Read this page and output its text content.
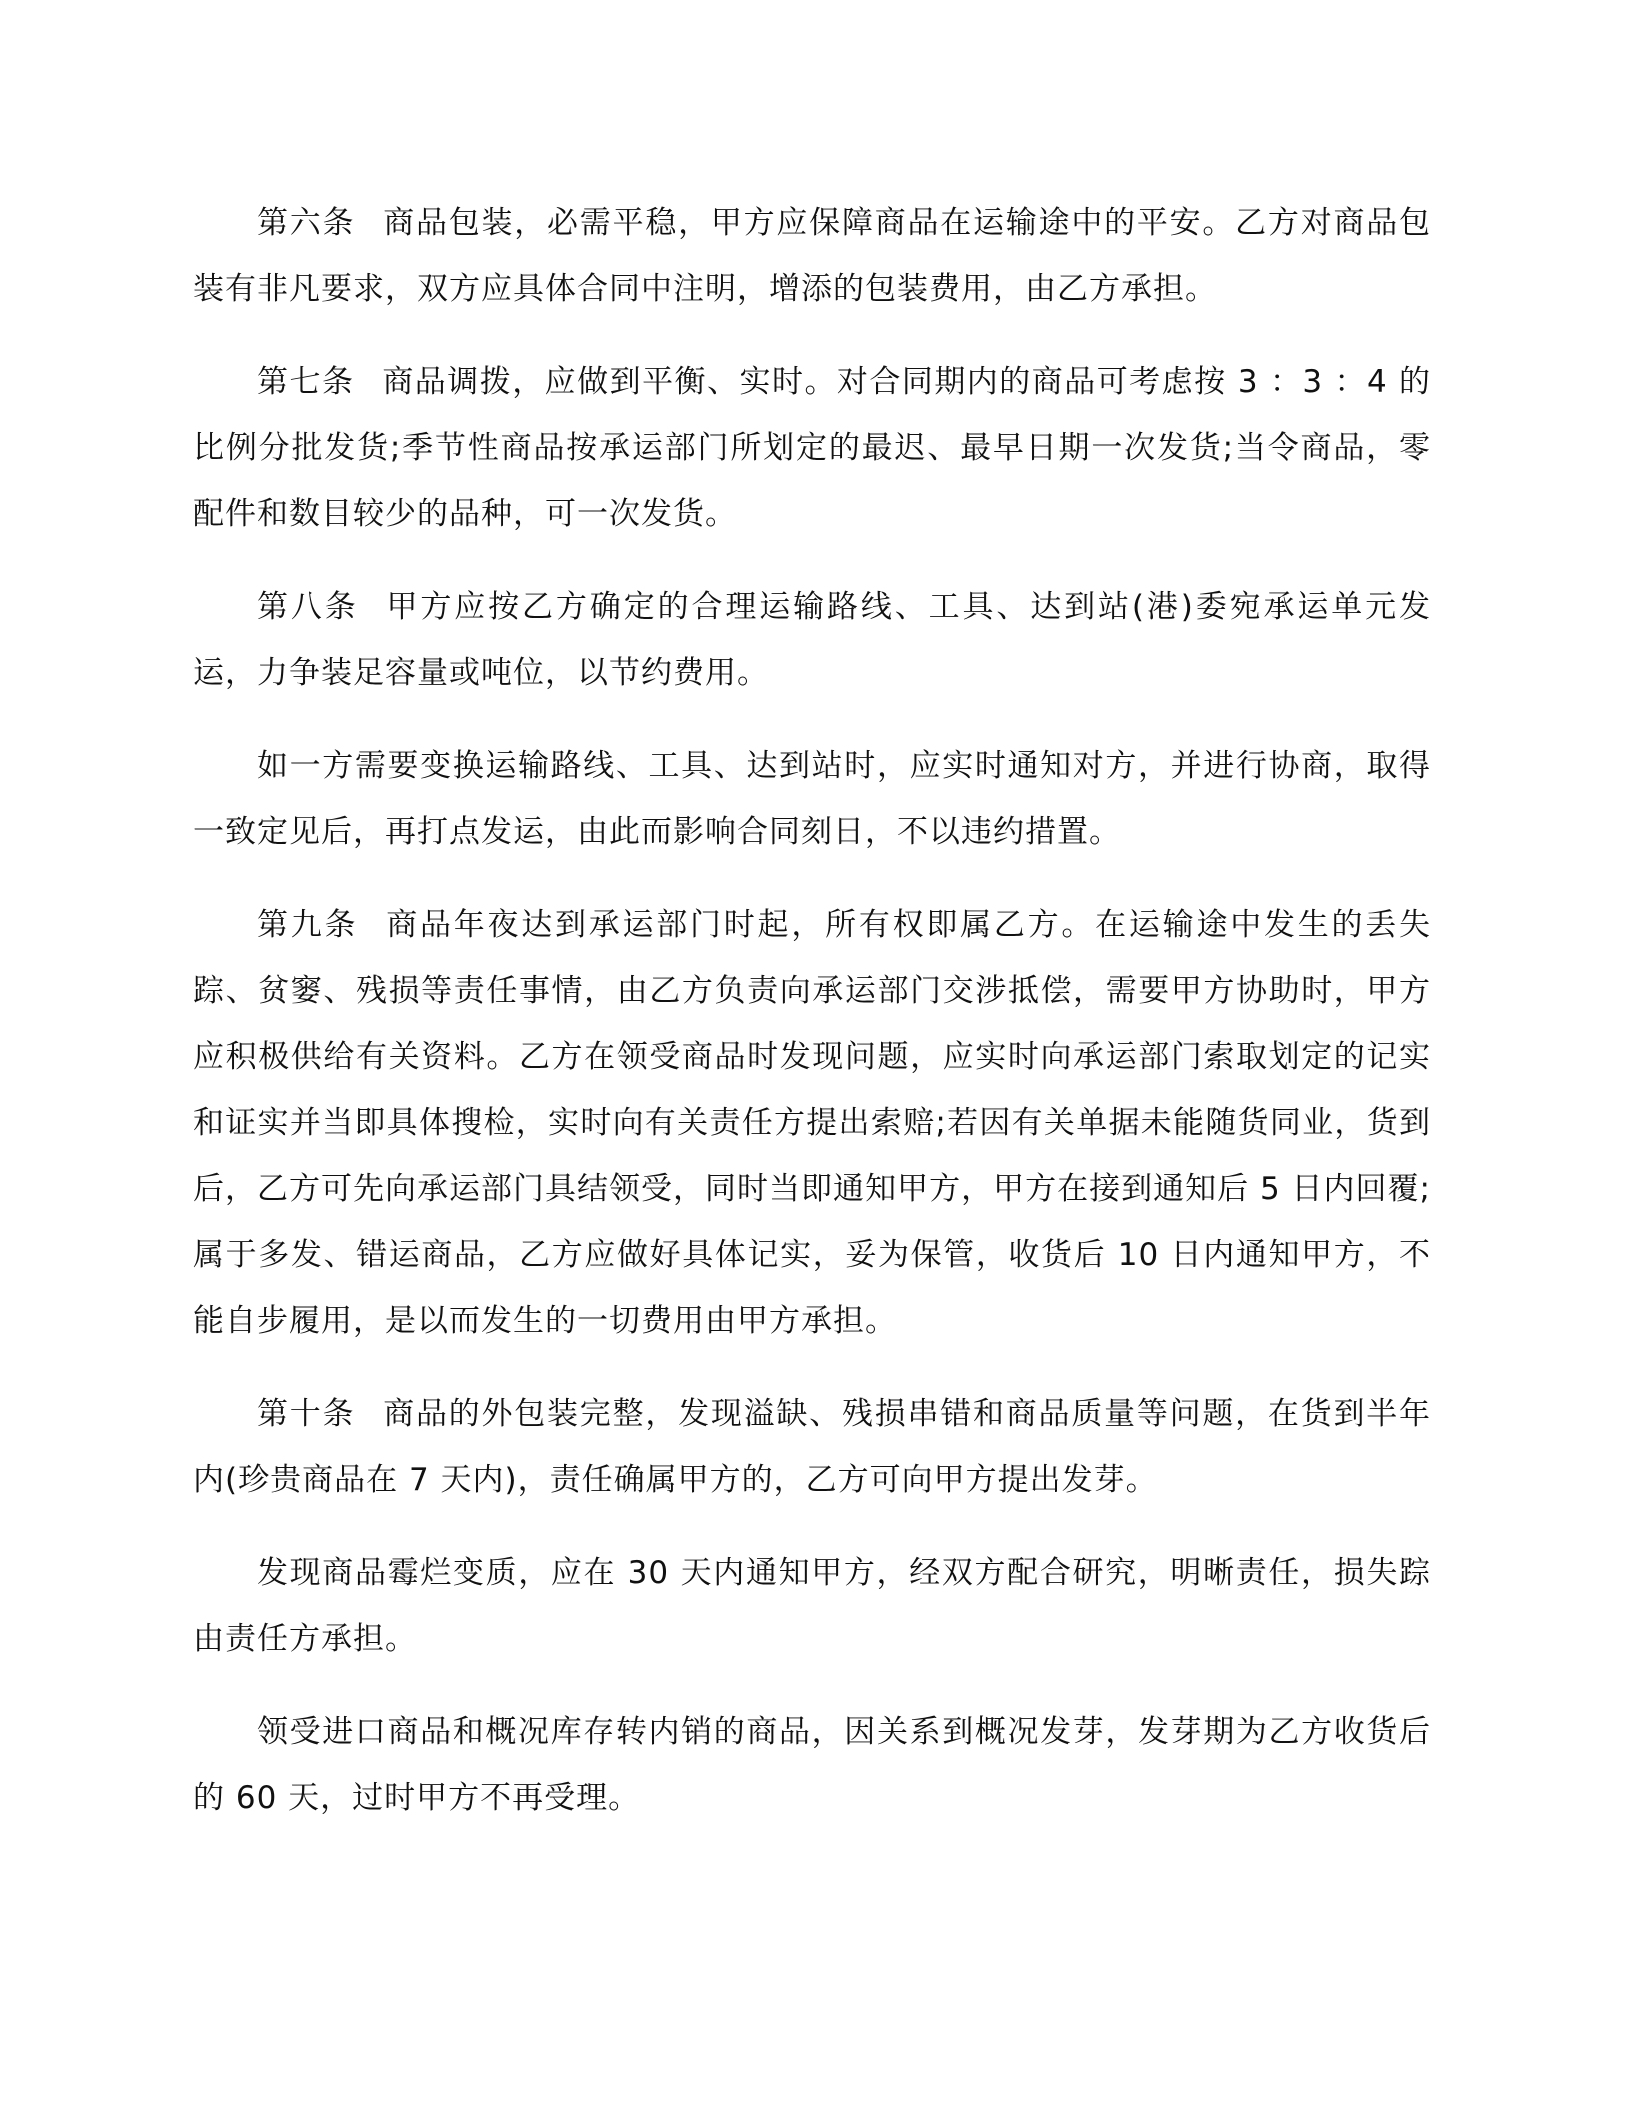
第六条 商品包装，必需平稳，甲方应保障商品在运输途中的平安。乙方对商品包装有非凡要求，双方应具体合同中注明，增添的包装费用，由乙方承担。

第七条 商品调拨，应做到平衡、实时。对合同期内的商品可考虑按 3 ：3 ：4 的比例分批发货;季节性商品按承运部门所划定的最迟、最早日期一次发货;当令商品，零配件和数目较少的品种，可一次发货。

第八条 甲方应按乙方确定的合理运输路线、工具、达到站(港)委宛承运单元发运，力争装足容量或吨位，以节约费用。

如一方需要变换运输路线、工具、达到站时，应实时通知对方，并进行协商，取得一致定见后，再打点发运，由此而影响合同刻日，不以违约措置。

第九条 商品年夜达到承运部门时起，所有权即属乙方。在运输途中发生的丢失踪、贫窭、残损等责任事情，由乙方负责向承运部门交涉抵偿，需要甲方协助时，甲方应积极供给有关资料。乙方在领受商品时发现问题，应实时向承运部门索取划定的记实和证实并当即具体搜检，实时向有关责任方提出索赔;若因有关单据未能随货同业，货到后，乙方可先向承运部门具结领受，同时当即通知甲方，甲方在接到通知后 5 日内回覆;属于多发、错运商品，乙方应做好具体记实，妥为保管，收货后 10 日内通知甲方，不能自步履用，是以而发生的一切费用由甲方承担。

第十条 商品的外包装完整，发现溢缺、残损串错和商品质量等问题，在货到半年内(珍贵商品在 7 天内)，责任确属甲方的，乙方可向甲方提出发芽。

发现商品霉烂变质，应在 30 天内通知甲方，经双方配合研究，明晰责任，损失踪由责任方承担。

领受进口商品和概况库存转内销的商品，因关系到概况发芽，发芽期为乙方收货后的 60 天，过时甲方不再受理。
